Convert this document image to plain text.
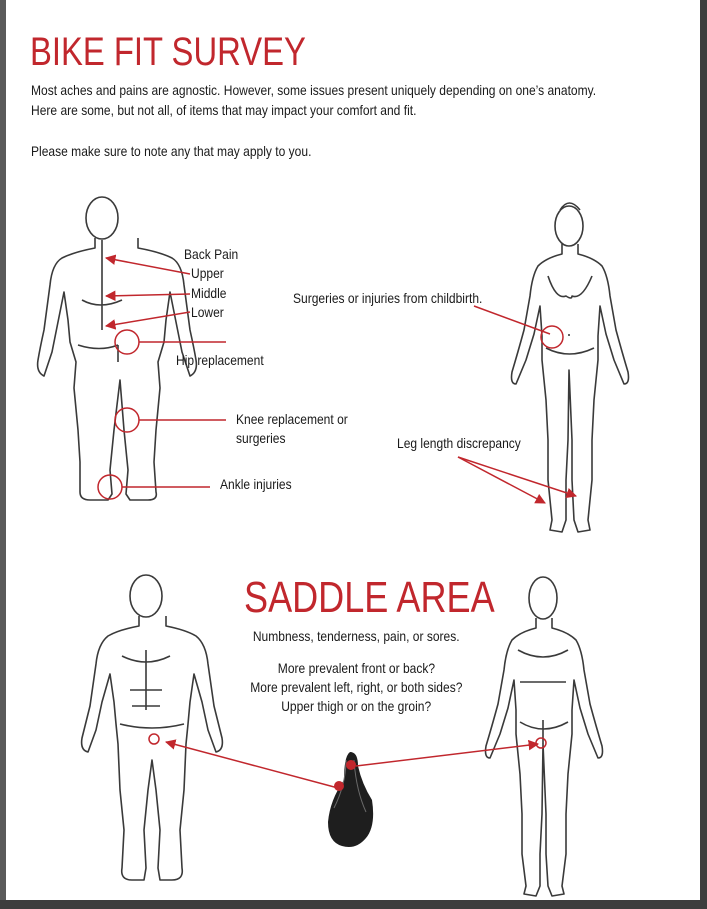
BIKE FIT SURVEY

Most aches and pains are agnostic. However, some issues present uniquely depending on one’s anatomy.

Here are some, but not all, of items that may impact your comfort and fit.

Please make sure to note any that may apply to you.

Back Pain

Upper

Middle

Lower

Hip replacement

Knee replacement or

surgeries

Ankle injuries

Surgeries or injuries from childbirth.

Leg length discrepancy

SADDLE AREA

Numbness, tenderness, pain, or sores.

More prevalent front or back?

More prevalent left, right, or both sides?

Upper thigh or on the groin?
